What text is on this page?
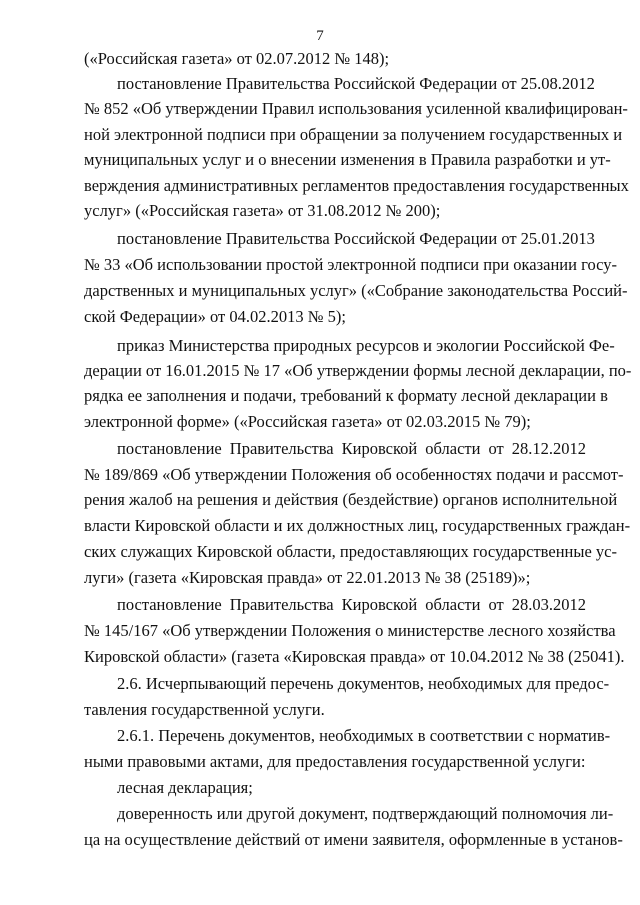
7
(«Российская газета» от 02.07.2012 № 148);
постановление Правительства Российской Федерации от 25.08.2012
№ 852 «Об утверждении Правил использования усиленной квалифицирован-
ной электронной подписи при обращении за получением государственных и
муниципальных услуг и о внесении изменения в Правила разработки и ут-
верждения административных регламентов предоставления государственных
услуг» («Российская газета» от 31.08.2012 № 200);
постановление Правительства Российской Федерации от 25.01.2013
№ 33 «Об использовании простой электронной подписи при оказании госу-
дарственных и муниципальных услуг» («Собрание законодательства Россий-
ской Федерации» от 04.02.2013 № 5);
приказ Министерства природных ресурсов и экологии Российской Фе-
дерации от 16.01.2015 № 17 «Об утверждении формы лесной декларации, по-
рядка ее заполнения и подачи, требований к формату лесной декларации в
электронной форме» («Российская газета» от 02.03.2015 № 79);
постановление Правительства Кировской области от 28.12.2012
№ 189/869 «Об утверждении Положения об особенностях подачи и рассмот-
рения жалоб на решения и действия (бездействие) органов исполнительной
власти Кировской области и их должностных лиц, государственных граждан-
ских служащих Кировской области, предоставляющих государственные ус-
луги» (газета «Кировская правда» от 22.01.2013 № 38 (25189)»;
постановление Правительства Кировской области от 28.03.2012
№ 145/167 «Об утверждении Положения о министерстве лесного хозяйства
Кировской области» (газета «Кировская правда» от 10.04.2012 № 38 (25041).
2.6. Исчерпывающий перечень документов, необходимых для предос-
тавления государственной услуги.
2.6.1. Перечень документов, необходимых в соответствии с норматив-
ными правовыми актами, для предоставления государственной услуги:
лесная декларация;
доверенность или другой документ, подтверждающий полномочия ли-
ца на осуществление действий от имени заявителя, оформленные в установ-
